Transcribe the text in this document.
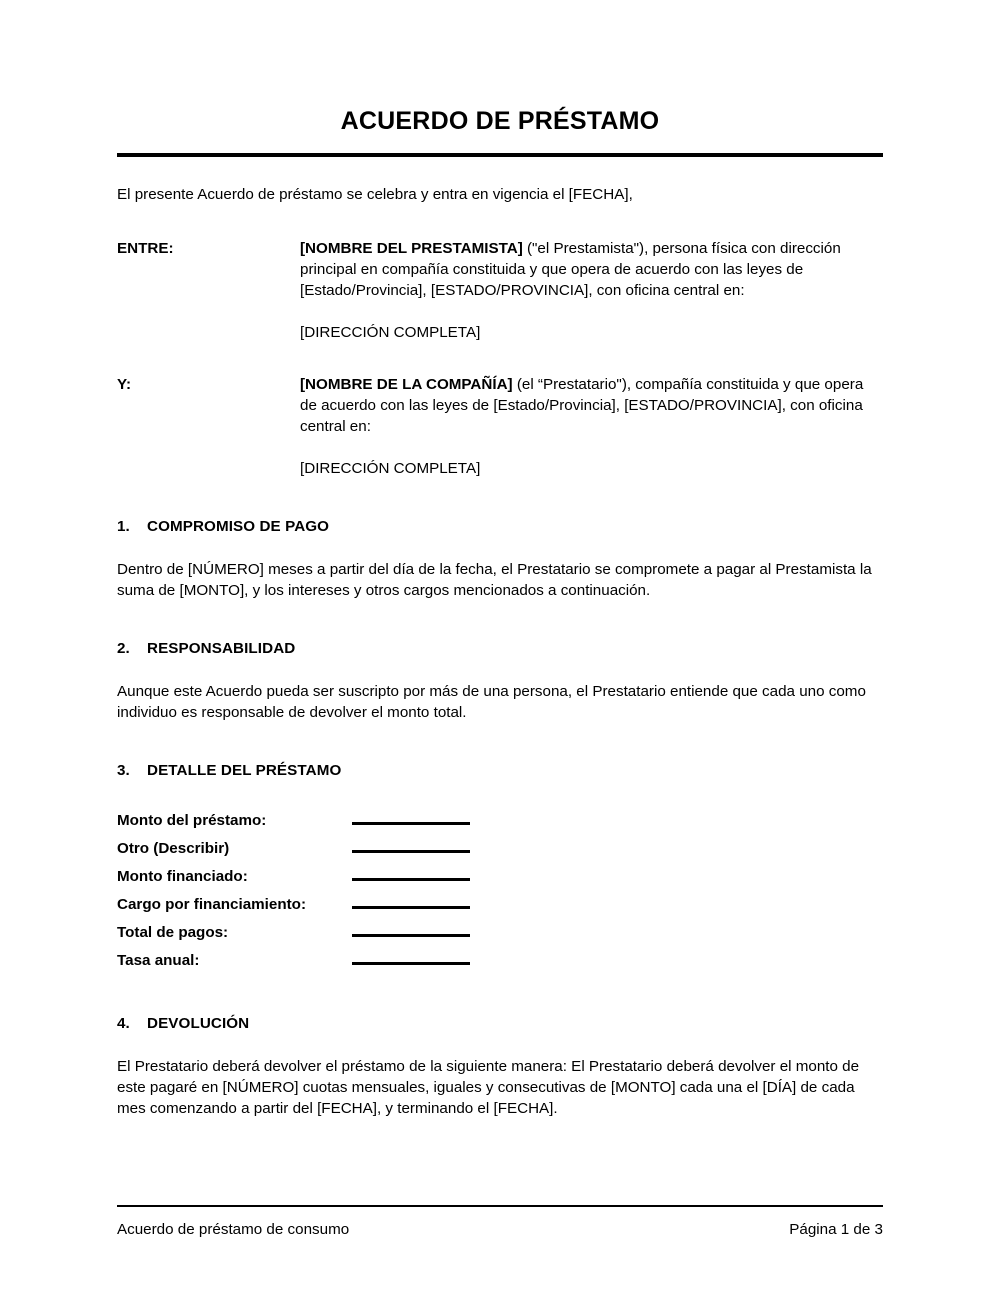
ACUERDO DE PRÉSTAMO

El presente Acuerdo de préstamo se celebra y entra en vigencia el [FECHA],

ENTRE:	[NOMBRE DEL PRESTAMISTA] ("el Prestamista"), persona física con dirección principal en compañía constituida y que opera de acuerdo con las leyes de [Estado/Provincia], [ESTADO/PROVINCIA], con oficina central en:
[DIRECCIÓN COMPLETA]
Y:	[NOMBRE DE LA COMPAÑÍA] (el “Prestatario"), compañía constituida y que opera de acuerdo con las leyes de [Estado/Provincia], [ESTADO/PROVINCIA], con oficina central en:
[DIRECCIÓN COMPLETA]
1.	COMPROMISO DE PAGO

Dentro de [NÚMERO] meses a partir del día de la fecha, el Prestatario se compromete a pagar al Prestamista la suma de [MONTO], y los intereses y otros cargos mencionados a continuación.

2.	RESPONSABILIDAD

Aunque este Acuerdo pueda ser suscripto por más de una persona, el Prestatario entiende que cada uno como individuo es responsable de devolver el monto total.

3.	DETALLE DEL PRÉSTAMO
Monto del préstamo:
Otro (Describir)
Monto financiado:
Cargo por financiamiento:
Total de pagos:
Tasa anual:
4.	DEVOLUCIÓN

El Prestatario deberá devolver el préstamo de la siguiente manera: El Prestatario deberá devolver el monto de este pagaré en [NÚMERO] cuotas mensuales, iguales y consecutivas de [MONTO] cada una el [DÍA] de cada mes comenzando a partir del [FECHA], y terminando el [FECHA].

Acuerdo de préstamo de consumo	Página 1 de 3
